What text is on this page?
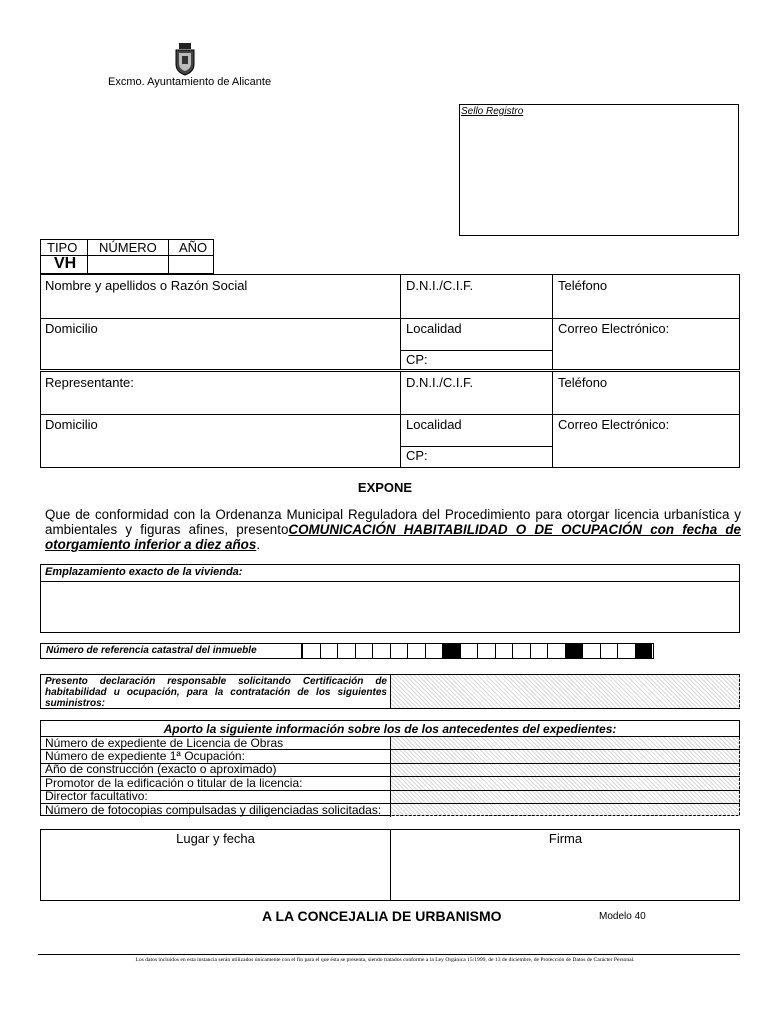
Excmo. Ayuntamiento de Alicante
Sello Registro
TIPO NÚMERO AÑO
VH
Nombre y apellidos o Razón Social	D.N.I./C.I.F.	Teléfono
Domicilio	Localidad	Correo Electrónico:
CP:
Representante:	D.N.I./C.I.F.	Teléfono
Domicilio	Localidad	Correo Electrónico:
CP:
EXPONE
Que de conformidad con la Ordenanza Municipal Reguladora del Procedimiento para otorgar licencia urbanística y ambientales y figuras afines, presentoCOMUNICACIÓN HABITABILIDAD O DE OCUPACIÓN con fecha de otorgamiento inferior a diez años.
Emplazamiento exacto de la vivienda:
Número de referencia catastral del inmueble
Presento declaración responsable solicitando Certificación de habitabilidad u ocupación, para la contratación de los siguientes suministros:
Aporto la siguiente información sobre los de los antecedentes del expedientes:
Número de expediente de Licencia de Obras
Número de expediente 1ª Ocupación:
Año de construcción (exacto o aproximado)
Promotor de la edificación o titular de la licencia:
Director facultativo:
Número de fotocopias compulsadas y diligenciadas solicitadas:
Lugar y fecha	Firma
A LA CONCEJALIA DE URBANISMO	Modelo 40
Los datos incluidos en esta instancia serán utilizados únicamente con el fin para el que ésta se presenta, siendo tratados conforme a la Ley Orgánica 15/1999, de 13 de diciembre, de Protección de Datos de Carácter Personal.
